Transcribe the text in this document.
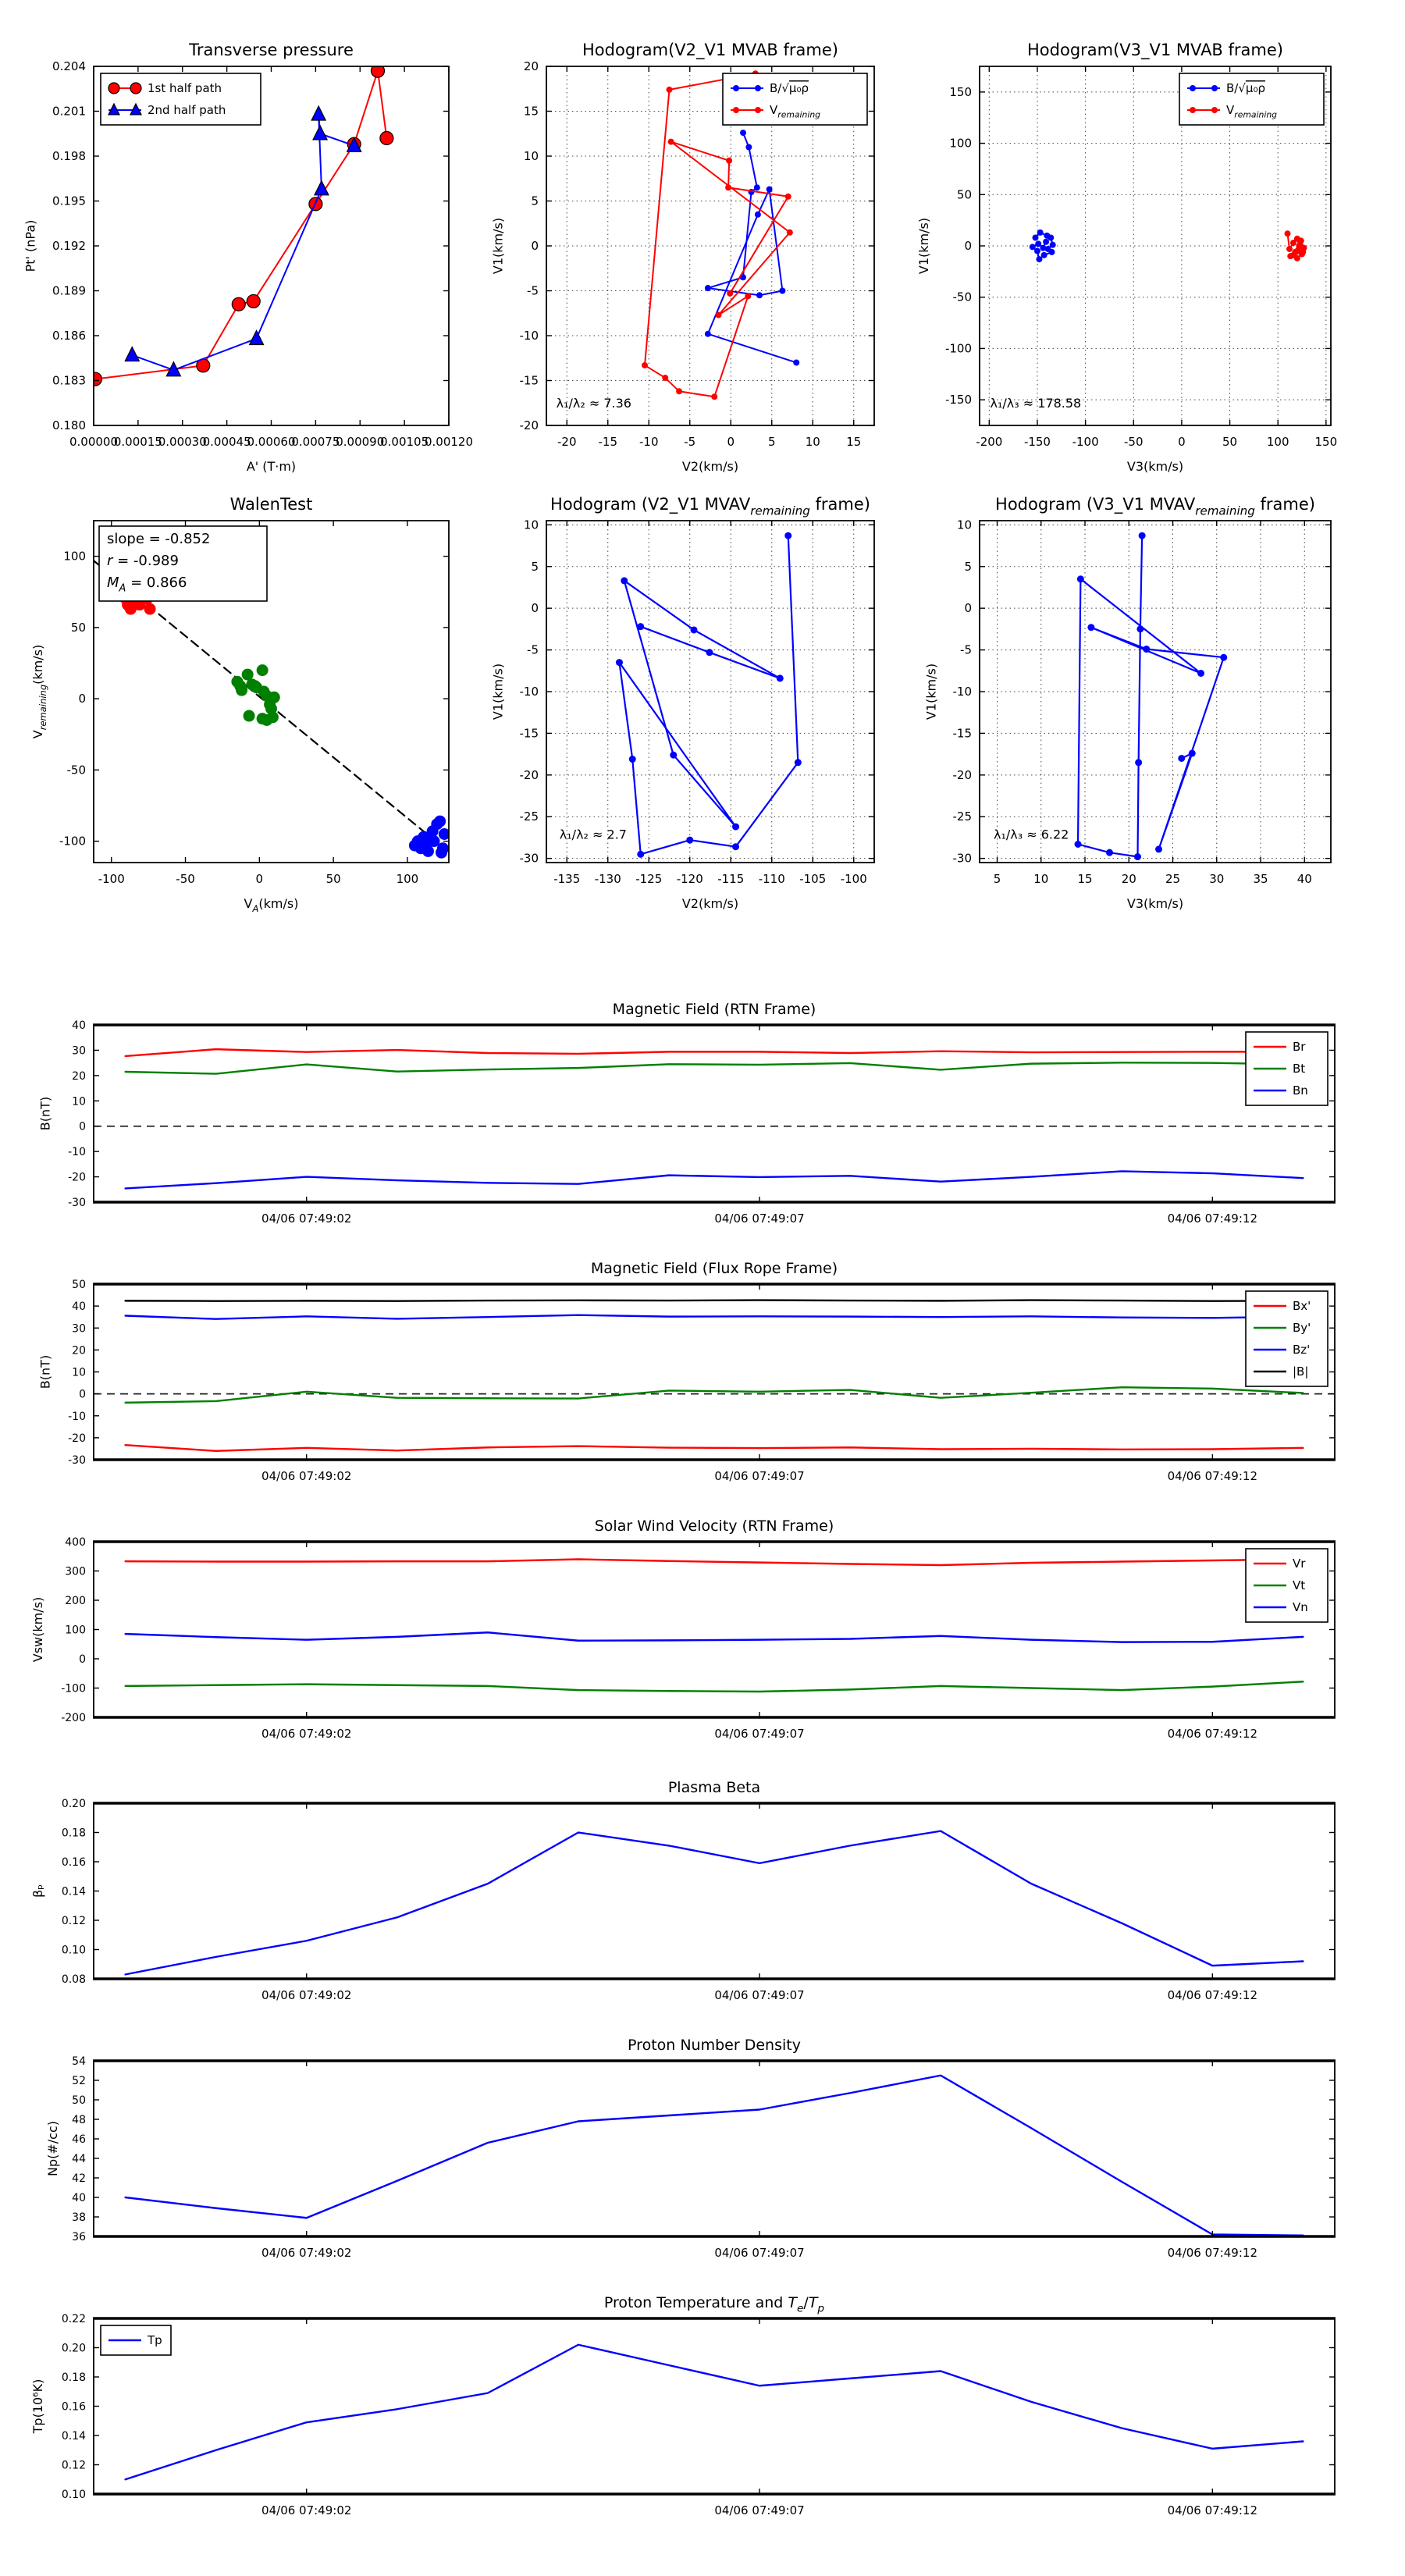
0.00000
0.00015
0.00030
0.00045
0.00060
0.00075
0.00090
0.00105
0.00120
0.180
0.183
0.186
0.189
0.192
0.195
0.198
0.201
0.204
Transverse pressure
A' (T·m)
Pt' (nPa)
1st half path
2nd half path
-20 -15 -10 -5	0	5	10 15
-20
-15
-10
-5
0
5
10
15
20
Hodogram(V2_V1 MVAB frame)
V2(km/s)
V1(km/s)
λ₁/λ₂ ≈ 7.36
B/√μ₀ρ
$V_{remaining}$
-200 -150 -100 -50	0	50	100 150
-150
-100
-50
0
50
100
150
Hodogram(V3_V1 MVAB frame)
V3(km/s)
V1(km/s)
λ₁/λ₃ ≈ 178.58
B/√μ₀ρ
$V_{remaining}$
-100	-50	0	50	100
-100
-50
0
50
100
WalenTest
$V_A(km/s)$
$V_{remaining}(km/s)$
slope = -0.852
r = -0.989
$M_A = 0.866$
-135 -130 -125 -120 -115 -110 -105 -100
-30
-25
-20
-15
-10
-5
0
5
10
Hodogram (V2_V1 $MVAV_{remaining}$ frame)
V2(km/s)
V1(km/s)
λ₁/λ₂ ≈ 2.7
5	10 15 20 25 30 35 40
-30
-25
-20
-15
-10
-5
0
5
10
Hodogram (V3_V1 $MVAV_{remaining}$ frame)
V3(km/s)
V1(km/s)
λ₁/λ₃ ≈ 6.22
04/06 07:49:02	04/06 07:49:07	04/06 07:49:12
-30
-20
-10
0
10
20
30
40
Magnetic Field (RTN Frame)
B(nT)
Br
Bt
Bn
04/06 07:49:02	04/06 07:49:07	04/06 07:49:12
-30
-20
-10
0
10
20
30
40
50
Magnetic Field (Flux Rope Frame)
B(nT)
Bx'
By'
Bz'
|B|
04/06 07:49:02	04/06 07:49:07	04/06 07:49:12
-200
-100
0
100
200
300
400
Solar Wind Velocity (RTN Frame)
Vsw(km/s)
Vr
Vt
Vn
04/06 07:49:02	04/06 07:49:07	04/06 07:49:12
0.08
0.10
0.12
0.14
0.16
0.18
0.20
Plasma Beta
βₚ
04/06 07:49:02	04/06 07:49:07	04/06 07:49:12
36
38
40
42
44
46
48
50
52
54
Proton Number Density
Np(#/cc)
04/06 07:49:02	04/06 07:49:07	04/06 07:49:12
0.10
0.12
0.14
0.16
0.18
0.20
0.22
Proton Temperature and $T_e/T_p$
Tp(10⁶K)
Tp
